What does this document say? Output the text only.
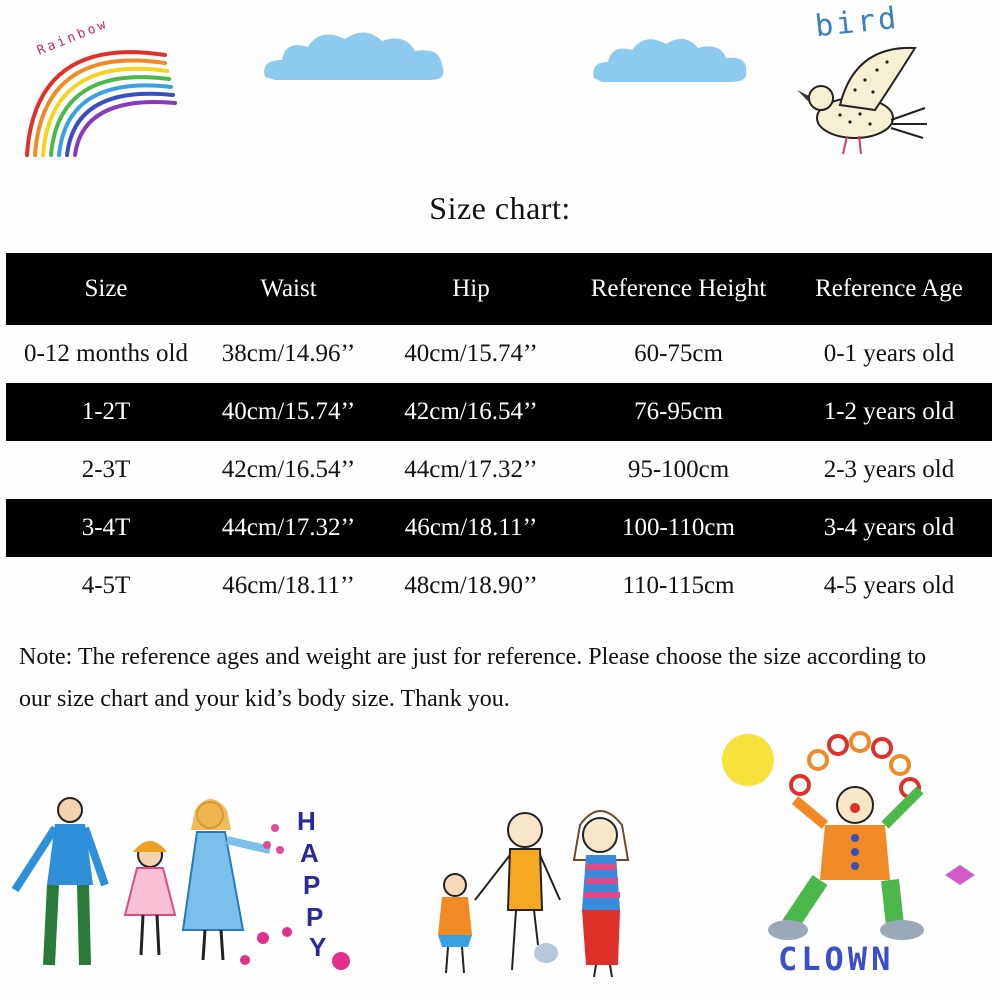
Rainbow	bird
Size chart:
Size	Waist	Hip	Reference Height	Reference Age
0-12 months old	38cm/14.96’’	40cm/15.74’’	60-75cm	0-1 years old
1-2T	40cm/15.74’’	42cm/16.54’’	76-95cm	1-2 years old
2-3T	42cm/16.54’’	44cm/17.32’’	95-100cm	2-3 years old
3-4T	44cm/17.32’’	46cm/18.11’’	100-110cm	3-4 years old
4-5T	46cm/18.11’’	48cm/18.90’’	110-115cm	4-5 years old
Note: The reference ages and weight are just for reference. Please choose the size according to
our size chart and your kid’s body size. Thank you.
H
A
P
P
Y	CLOWN
